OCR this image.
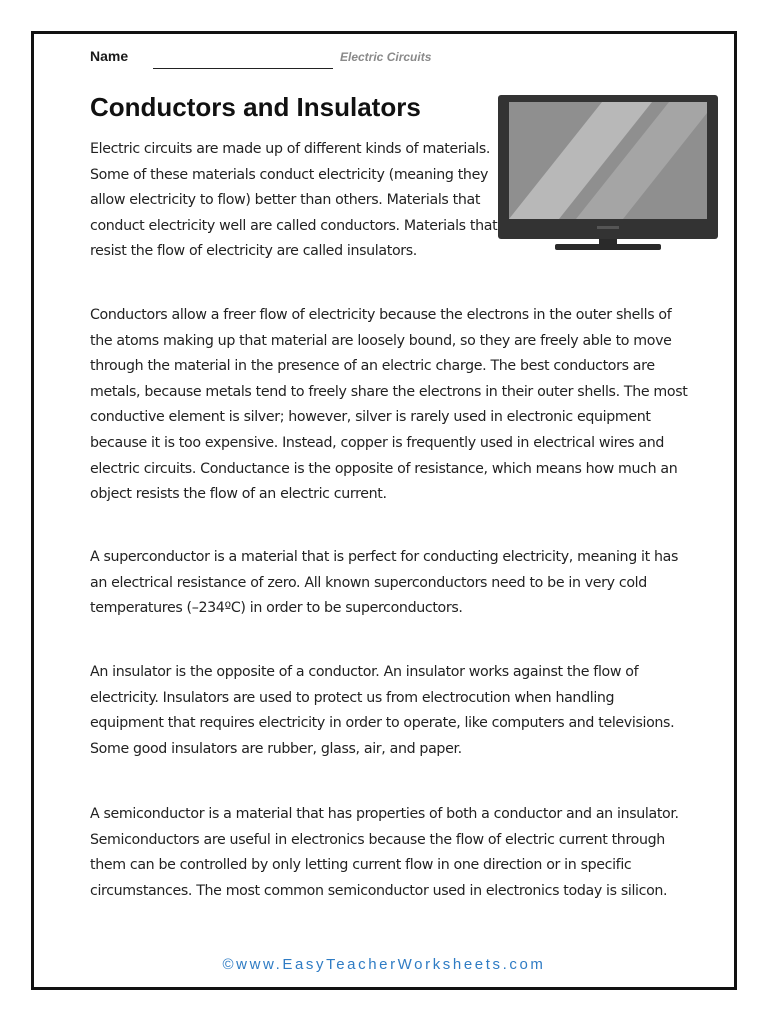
Name	Electric Circuits
Conductors and Insulators

Electric circuits are made up of different kinds of materials. Some of these materials conduct electricity (meaning they allow electricity to flow) better than others. Materials that conduct electricity well are called conductors. Materials that resist the flow of electricity are called insulators.

Conductors allow a freer flow of electricity because the electrons in the outer shells of the atoms making up that material are loosely bound, so they are freely able to move through the material in the presence of an electric charge. The best conductors are metals, because metals tend to freely share the electrons in their outer shells. The most conductive element is silver; however, silver is rarely used in electronic equipment because it is too expensive. Instead, copper is frequently used in electrical wires and electric circuits. Conductance is the opposite of resistance, which means how much an object resists the flow of an electric current.

A superconductor is a material that is perfect for conducting electricity, meaning it has an electrical resistance of zero. All known superconductors need to be in very cold temperatures (–234ºC) in order to be superconductors.

An insulator is the opposite of a conductor. An insulator works against the flow of electricity. Insulators are used to protect us from electrocution when handling equipment that requires electricity in order to operate, like computers and televisions. Some good insulators are rubber, glass, air, and paper.

A semiconductor is a material that has properties of both a conductor and an insulator. Semiconductors are useful in electronics because the flow of electric current through them can be controlled by only letting current flow in one direction or in specific circumstances. The most common semiconductor used in electronics today is silicon.

©www.EasyTeacherWorksheets.com
